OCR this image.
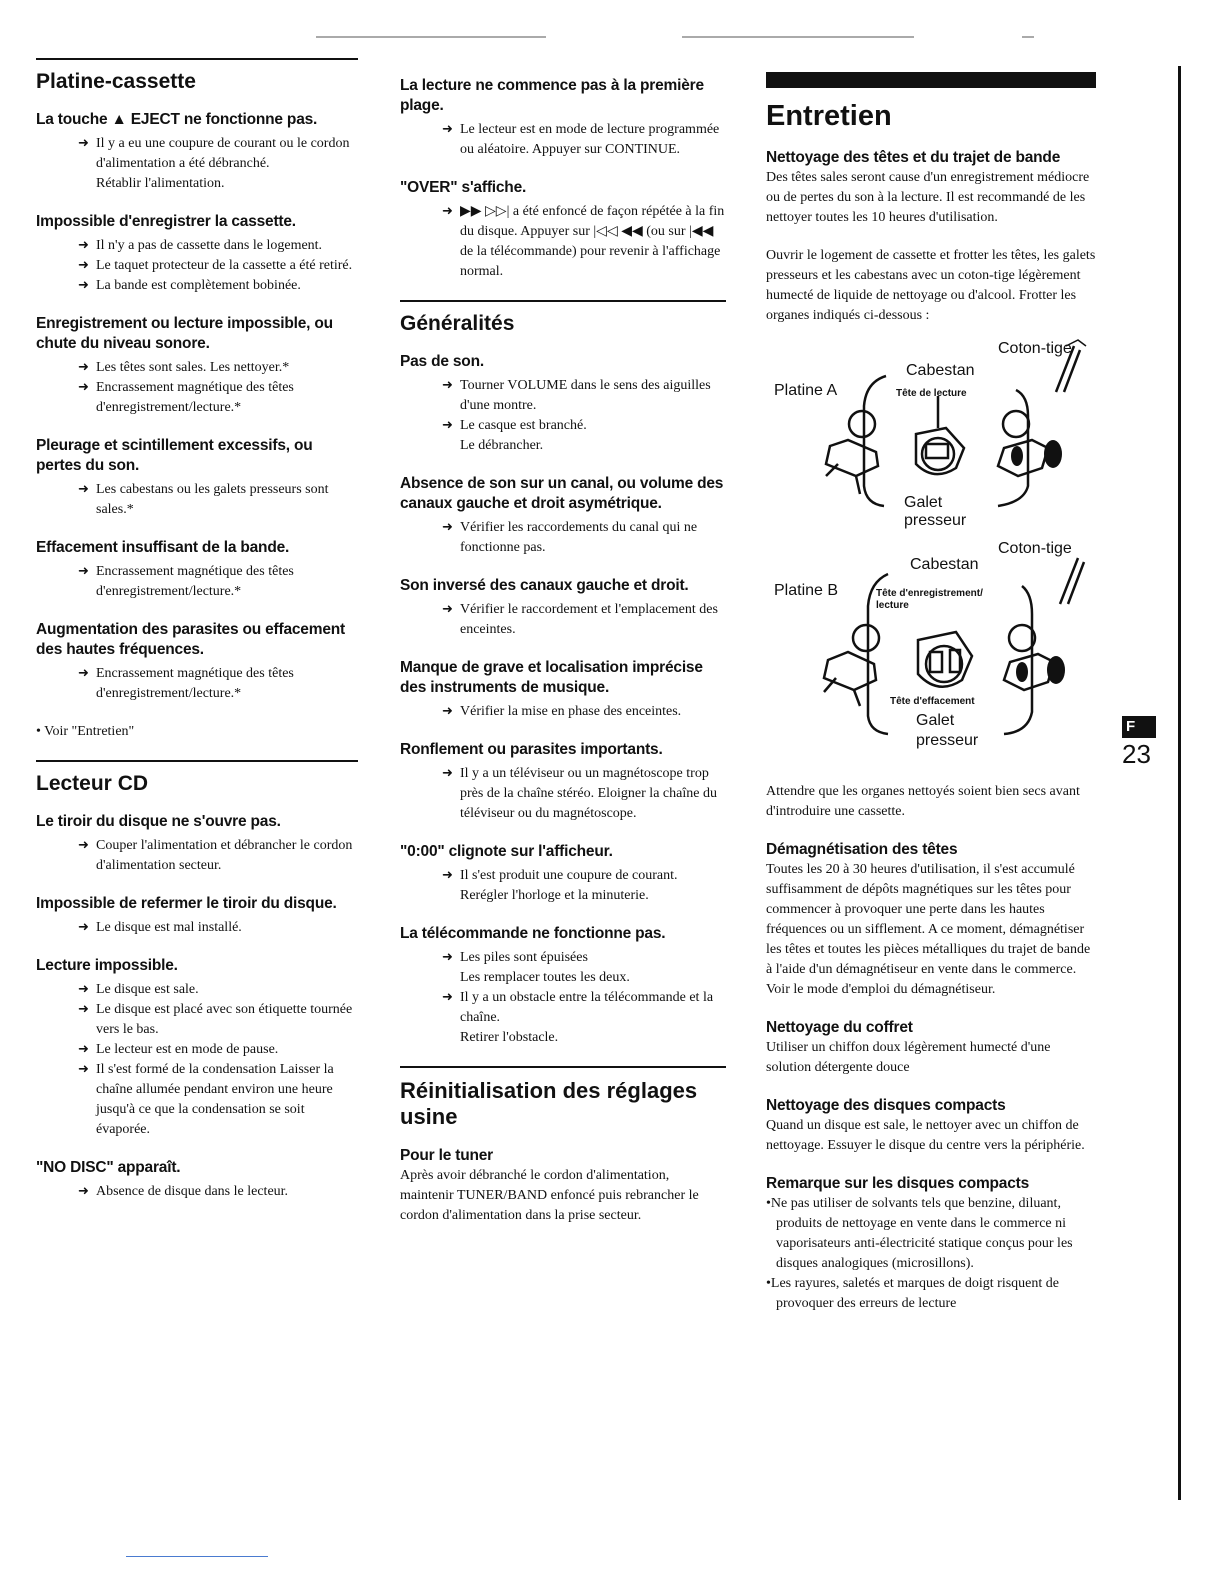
Platine-cassette
La touche ▲ EJECT ne fonctionne pas.
➜ Il y a eu une coupure de courant ou le cordon d'alimentation a été débranché.
Rétablir l'alimentation.
Impossible d'enregistrer la cassette.
➜ Il n'y a pas de cassette dans le logement.
➜ Le taquet protecteur de la cassette a été retiré.
➜ La bande est complètement bobinée.
Enregistrement ou lecture impossible, ou chute du niveau sonore.
➜ Les têtes sont sales. Les nettoyer.*
➜ Encrassement magnétique des têtes d'enregistrement/lecture.*
Pleurage et scintillement excessifs, ou pertes du son.
➜ Les cabestans ou les galets presseurs sont sales.*
Effacement insuffisant de la bande.
➜ Encrassement magnétique des têtes d'enregistrement/lecture.*
Augmentation des parasites ou effacement des hautes fréquences.
➜ Encrassement magnétique des têtes d'enregistrement/lecture.*
• Voir "Entretien"
Lecteur CD
Le tiroir du disque ne s'ouvre pas.
➜ Couper l'alimentation et débrancher le cordon d'alimentation secteur.
Impossible de refermer le tiroir du disque.
➜ Le disque est mal installé.
Lecture impossible.
➜ Le disque est sale.
➜ Le disque est placé avec son étiquette tournée vers le bas.
➜ Le lecteur est en mode de pause.
➜ Il s'est formé de la condensation Laisser la chaîne allumée pendant environ une heure jusqu'à ce que la condensation se soit évaporée.
"NO DISC" apparaît.
➜ Absence de disque dans le lecteur.
La lecture ne commence pas à la première plage.
➜ Le lecteur est en mode de lecture programmée ou aléatoire. Appuyer sur CONTINUE.
"OVER" s'affiche.
➜ ▶▶ ▷▷| a été enfoncé de façon répétée à la fin du disque. Appuyer sur |◁◁ ◀◀ (ou sur |◀◀ de la télécommande) pour revenir à l'affichage normal.
Généralités
Pas de son.
➜ Tourner VOLUME dans le sens des aiguilles d'une montre.
➜ Le casque est branché.
Le débrancher.
Absence de son sur un canal, ou volume des canaux gauche et droit asymétrique.
➜ Vérifier les raccordements du canal qui ne fonctionne pas.
Son inversé des canaux gauche et droit.
➜ Vérifier le raccordement et l'emplacement des enceintes.
Manque de grave et localisation imprécise des instruments de musique.
➜ Vérifier la mise en phase des enceintes.
Ronflement ou parasites importants.
➜ Il y a un téléviseur ou un magnétoscope trop près de la chaîne stéréo. Eloigner la chaîne du téléviseur ou du magnétoscope.
"0:00" clignote sur l'afficheur.
➜ Il s'est produit une coupure de courant. Rerégler l'horloge et la minuterie.
La télécommande ne fonctionne pas.
➜ Les piles sont épuisées
Les remplacer toutes les deux.
➜ Il y a un obstacle entre la télécommande et la chaîne.
Retirer l'obstacle.
Réinitialisation des réglages usine
Pour le tuner
Après avoir débranché le cordon d'alimentation, maintenir TUNER/BAND enfoncé puis rebrancher le cordon d'alimentation dans la prise secteur.
Entretien
Nettoyage des têtes et du trajet de bande
Des têtes sales seront cause d'un enregistrement médiocre ou de pertes du son à la lecture. Il est recommandé de les nettoyer toutes les 10 heures d'utilisation.
Ouvrir le logement de cassette et frotter les têtes, les galets presseurs et les cabestans avec un coton-tige légèrement humecté de liquide de nettoyage ou d'alcool. Frotter les organes indiqués ci-dessous :
Platine A
Cabestan
Coton-tige
Tête de lecture
Galet
presseur
Platine B
Cabestan
Coton-tige
Tête d'enregistrement/
lecture
Tête d'effacement
Galet
presseur
Attendre que les organes nettoyés soient bien secs avant d'introduire une cassette.
Démagnétisation des têtes
Toutes les 20 à 30 heures d'utilisation, il s'est accumulé suffisamment de dépôts magnétiques sur les têtes pour commencer à provoquer une perte dans les hautes fréquences ou un sifflement. A ce moment, démagnétiser les têtes et toutes les pièces métalliques du trajet de bande à l'aide d'un démagnétiseur en vente dans le commerce. Voir le mode d'emploi du démagnétiseur.
Nettoyage du coffret
Utiliser un chiffon doux légèrement humecté d'une solution détergente douce
Nettoyage des disques compacts
Quand un disque est sale, le nettoyer avec un chiffon de nettoyage. Essuyer le disque du centre vers la périphérie.
Remarque sur les disques compacts
•Ne pas utiliser de solvants tels que benzine, diluant, produits de nettoyage en vente dans le commerce ni vaporisateurs anti-électricité statique conçus pour les disques analogiques (microsillons).
•Les rayures, saletés et marques de doigt risquent de provoquer des erreurs de lecture
F
23
